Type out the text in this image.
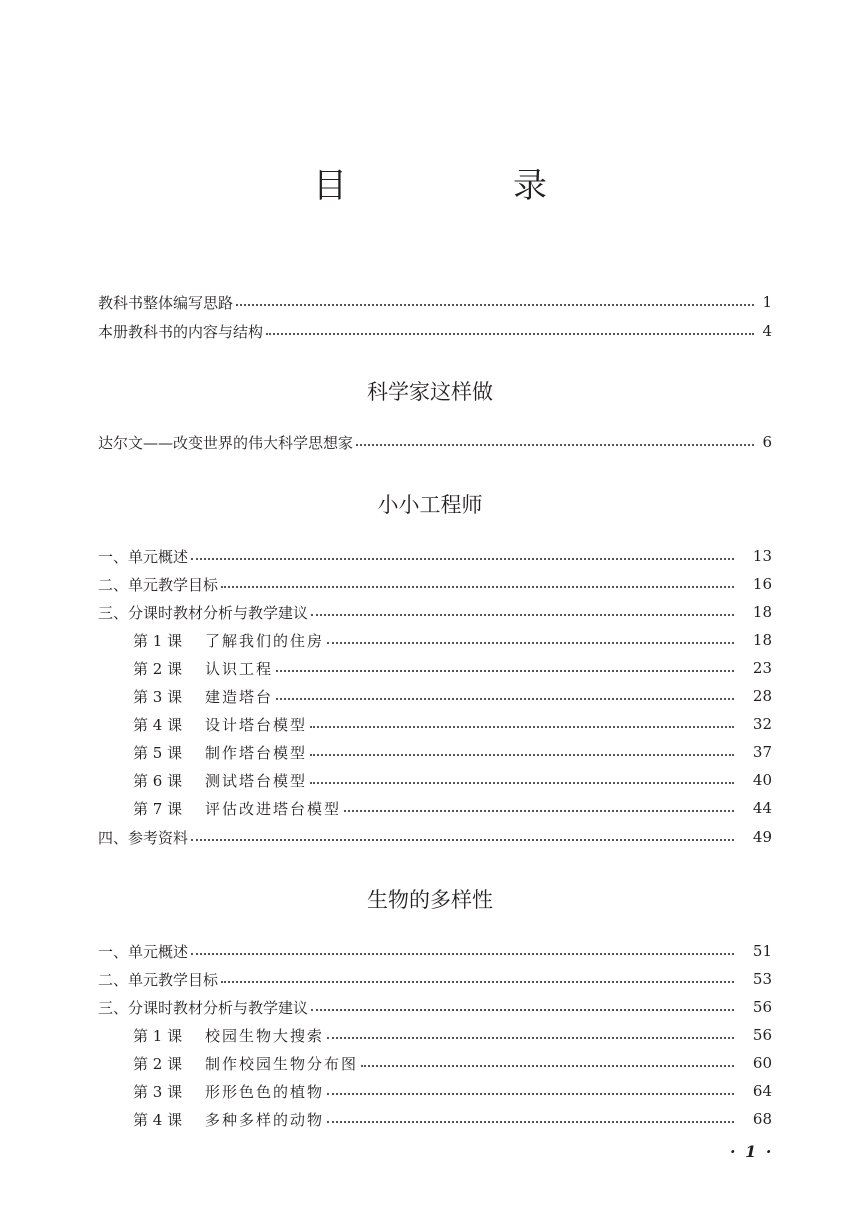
目　录
教科书整体编写思路	1
本册教科书的内容与结构	4
科学家这样做
达尔文——改变世界的伟大科学思想家	6
小小工程师
一、单元概述	13
二、单元教学目标	16
三、分课时教材分析与教学建议	18
第 1 课 了解我们的住房	18
第 2 课 认识工程	23
第 3 课 建造塔台	28
第 4 课 设计塔台模型	32
第 5 课 制作塔台模型	37
第 6 课 测试塔台模型	40
第 7 课 评估改进塔台模型	44
四、参考资料	49
生物的多样性
一、单元概述	51
二、单元教学目标	53
三、分课时教材分析与教学建议	56
第 1 课 校园生物大搜索	56
第 2 课 制作校园生物分布图	60
第 3 课 形形色色的植物	64
第 4 课 多种多样的动物	68
· 1 ·
